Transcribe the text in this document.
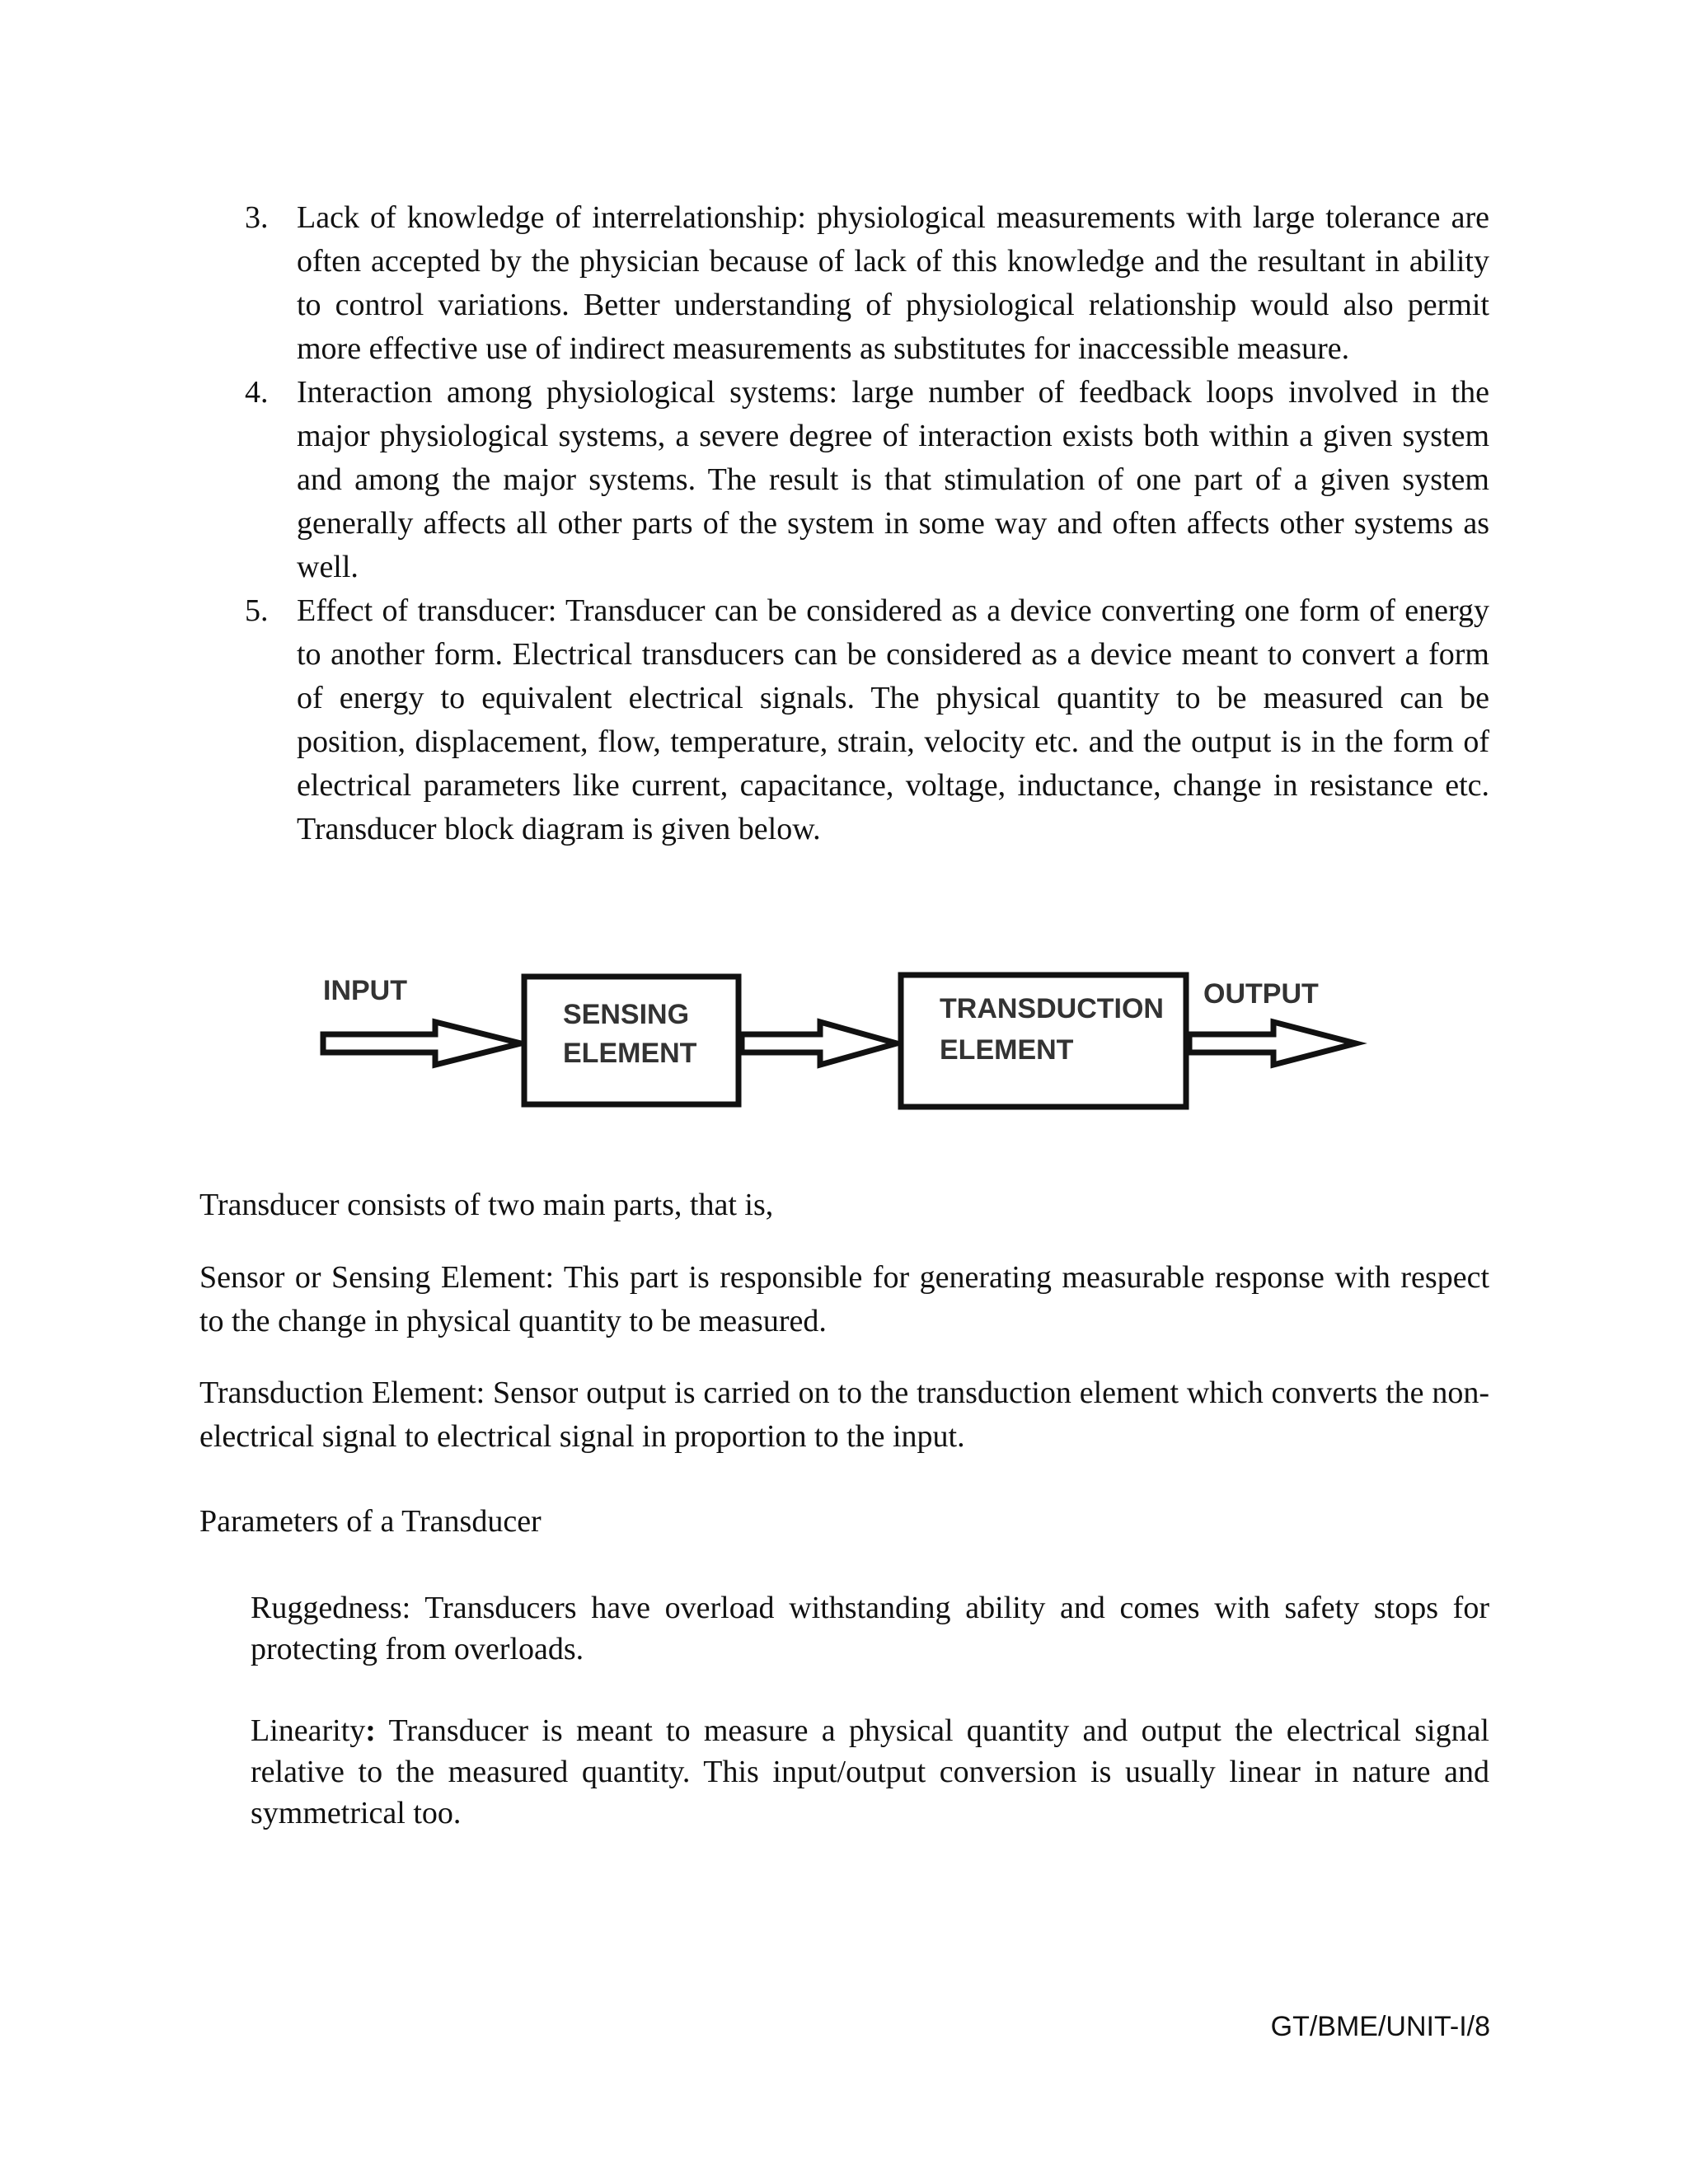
3. Lack of knowledge of interrelationship: physiological measurements with large tolerance are often accepted by the physician because of lack of this knowledge and the resultant in ability to control variations. Better understanding of physiological relationship would also permit more effective use of indirect measurements as substitutes for inaccessible measure.
4. Interaction among physiological systems: large number of feedback loops involved in the major physiological systems, a severe degree of interaction exists both within a given system and among the major systems. The result is that stimulation of one part of a given system generally affects all other parts of the system in some way and often affects other systems as well.
5. Effect of transducer: Transducer can be considered as a device converting one form of energy to another form. Electrical transducers can be considered as a device meant to convert a form of energy to equivalent electrical signals. The physical quantity to be measured can be position, displacement, flow, temperature, strain, velocity etc. and the output is in the form of electrical parameters like current, capacitance, voltage, inductance, change in resistance etc. Transducer block diagram is given below.
INPUT
SENSING
ELEMENT
TRANSDUCTION
ELEMENT
OUTPUT

Transducer consists of two main parts, that is,

Sensor or Sensing Element: This part is responsible for generating measurable response with respect to the change in physical quantity to be measured.

Transduction Element: Sensor output is carried on to the transduction element which converts the non-electrical signal to electrical signal in proportion to the input.

Parameters of a Transducer

Ruggedness: Transducers have overload withstanding ability and comes with safety stops for protecting from overloads.

Linearity: Transducer is meant to measure a physical quantity and output the electrical signal relative to the measured quantity. This input/output conversion is usually linear in nature and symmetrical too.

GT/BME/UNIT-I/8
